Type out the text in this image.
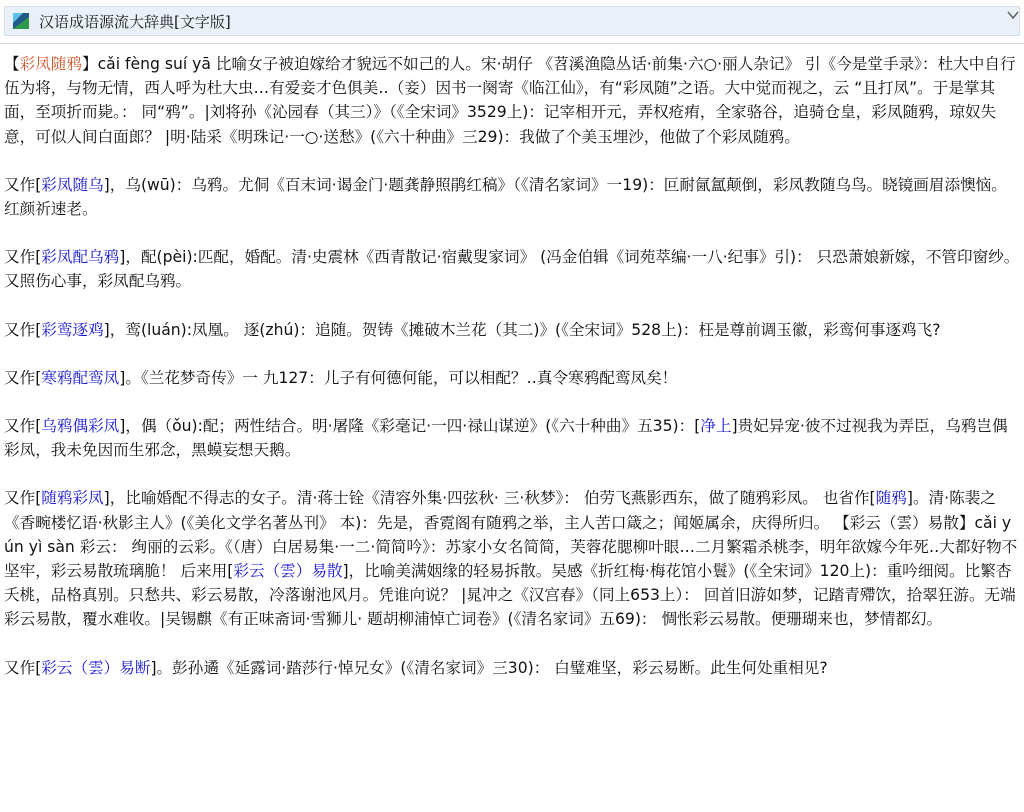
汉语成语源流大辞典[文字版]

【彩凤随鸦】cǎi fèng suí yā 比喻女子被迫嫁给才貌远不如己的人。宋·胡仔 《苕溪渔隐丛话·前集·六○·丽人杂记》 引《今是堂手录》：杜大中自行伍为将，与物无情，西人呼为杜大虫…有爱妾才色俱美‥（妾）因书一阕寄《临江仙》，有“彩凤随”之语。大中觉而视之，云 “且打凤”。于是掌其面，至项折而毙。： 同“鸦”。|刘将孙《沁园春（其三）》（《全宋词》3529上)：记宰相开元，弄权疮痏，全家骆谷，追骑仓皇，彩凤随鸦，琼奴失意，可似人间白面郎？ |明·陆采《明珠记·一○·送愁》(《六十种曲》三29)：我做了个美玉埋沙，他做了个彩凤随鸦。

又作[彩凤随乌]，乌(wū)：乌鸦。尤侗《百末词·谒金门·题龚静照鹃红稿》（《清名家词》一19)：叵耐氤氲颠倒，彩凤教随乌鸟。晓镜画眉添懊恼。红颜祈速老。

又作[彩凤配乌鸦]，配(pèi):匹配，婚配。清·史震林《西青散记·宿戴叟家词》 (冯金伯辑《词苑萃编·一八·纪事》引)： 只恐萧娘新嫁，不管印窗纱。又照伤心事，彩凤配乌鸦。

又作[彩鸾逐鸡]，鸾(luán):凤凰。 逐(zhú)：追随。贺铸《摊破木兰花（其二)》(《全宋词》528上)：枉是尊前调玉徽，彩鸾何事逐鸡飞?

又作[寒鸦配鸾凤]。《兰花梦奇传》一 九127：儿子有何德何能，可以相配？‥真令寒鸦配鸾凤矣！

又作[乌鸦偶彩凤]，偶（ǒu):配；两性结合。明·屠隆《彩毫记·一四·禄山谋逆》(《六十种曲》五35)：[净上]贵妃异宠·彼不过视我为弄臣，乌鸦岂偶彩凤，我未免因而生邪念，黑蟆妄想天鹅。

又作[随鸦彩凤]，比喻婚配不得志的女子。清·蒋士铨《清容外集·四弦秋· 三·秋梦》： 伯劳飞燕影西东，做了随鸦彩凤。 也省作[随鸦]。清·陈裴之《香畹楼忆语·秋影主人》(《美化文学名著丛刊》 本)：先是，香霓阁有随鸦之举，主人苦口箴之；闻姬属余，庆得所归。 【彩云（雲）易散】cǎi yún yì sàn 彩云： 绚丽的云彩。《（唐）白居易集·一二·简简吟》：苏家小女名简简，芙蓉花腮柳叶眼…二月繁霜杀桃李，明年欲嫁今年死‥大都好物不坚牢，彩云易散琉璃脆！ 后来用[彩云（雲）易散]，比喻美满姻缘的轻易拆散。吴感《折红梅·梅花馆小鬟》(《全宋词》120上)：重吟细阅。比繁杏夭桃，品格真别。只愁共、彩云易散，冷落谢池风月。凭谁向说？ |晁冲之《汉宫春》（同上653上）： 回首旧游如梦，记踏青殢饮，拾翠狂游。无端彩云易散，覆水难收。|吴锡麒《有正味斋词·雪狮儿· 题胡柳浦悼亡词卷》(《清名家词》五69)： 惆怅彩云易散。便珊瑚来也，梦情都幻。

又作[彩云（雲）易断]。彭孙遹《延露词·踏莎行·悼兄女》(《清名家词》三30)： 白璧难坚，彩云易断。此生何处重相见?
